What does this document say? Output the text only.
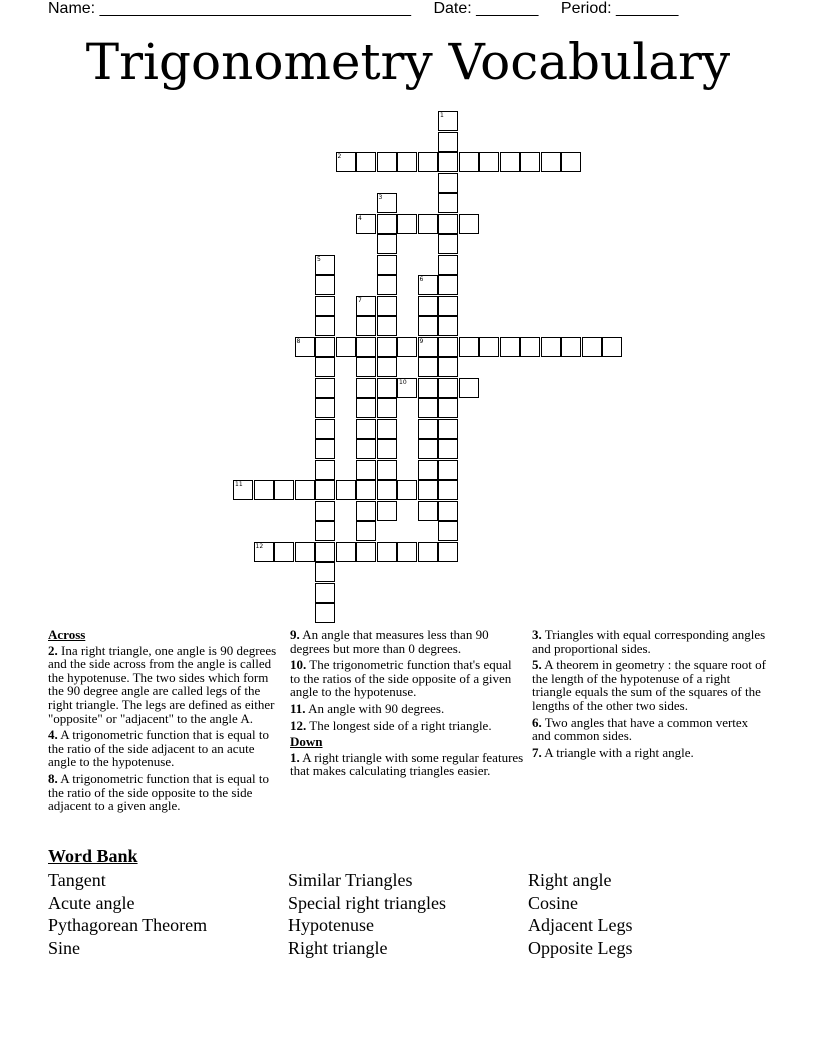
Name: ___________________________________ Date: _______ Period: _______
Trigonometry Vocabulary
1
2
3
4
5
6
9
7
8
10
11
12
Across
2. Ina right triangle, one angle is 90 degrees and the side across from the angle is called the hypotenuse. The two sides which form the 90 degree angle are called legs of the right triangle. The legs are defined as either "opposite" or "adjacent" to the angle A.
4. A trigonometric function that is equal to the ratio of the side adjacent to an acute angle to the hypotenuse.
8. A trigonometric function that is equal to the ratio of the side opposite to the side adjacent to a given angle.
9. An angle that measures less than 90 degrees but more than 0 degrees.
10. The trigonometric function that's equal to the ratios of the side opposite of a given angle to the hypotenuse.
11. An angle with 90 degrees.
12. The longest side of a right triangle.
Down
1. A right triangle with some regular features that makes calculating triangles easier.
3. Triangles with equal corresponding angles and proportional sides.
5. A theorem in geometry : the square root of the length of the hypotenuse of a right triangle equals the sum of the squares of the lengths of the other two sides.
6. Two angles that have a common vertex and common sides.
7. A triangle with a right angle.
Word Bank
Tangent	Similar Triangles	Right angle
Acute angle	Special right triangles	Cosine
Pythagorean Theorem	Hypotenuse	Adjacent Legs
Sine	Right triangle	Opposite Legs
